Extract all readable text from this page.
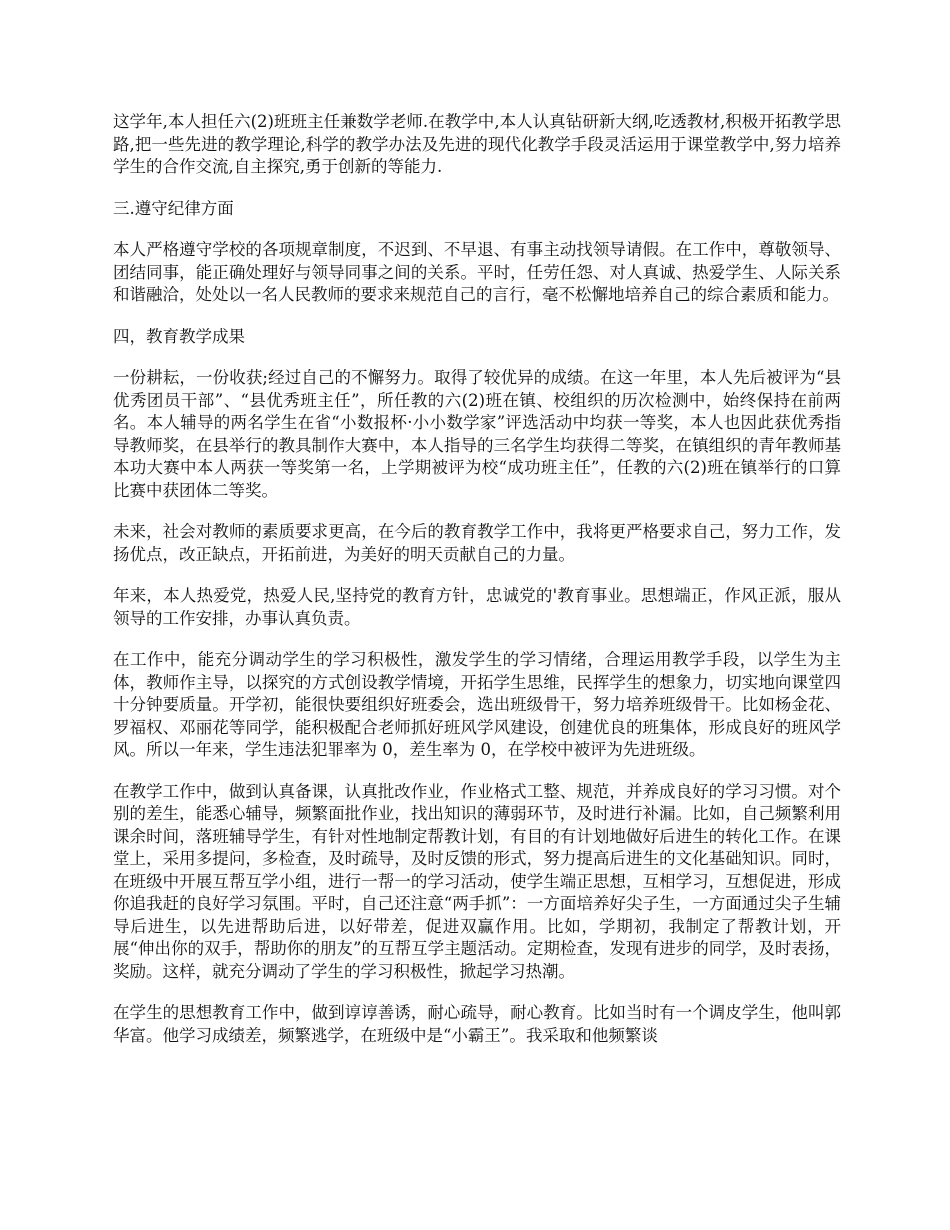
这学年,本人担任六(2)班班主任兼数学老师.在教学中,本人认真钻研新大纲,吃透教材,积极开拓教学思路,把一些先进的教学理论,科学的教学办法及先进的现代化教学手段灵活运用于课堂教学中,努力培养学生的合作交流,自主探究,勇于创新的等能力.

三.遵守纪律方面

本人严格遵守学校的各项规章制度，不迟到、不早退、有事主动找领导请假。在工作中，尊敬领导、团结同事，能正确处理好与领导同事之间的关系。平时，任劳任怨、对人真诚、热爱学生、人际关系和谐融洽，处处以一名人民教师的要求来规范自己的言行，毫不松懈地培养自己的综合素质和能力。

四，教育教学成果

一份耕耘，一份收获;经过自己的不懈努力。取得了较优异的成绩。在这一年里，本人先后被评为“县优秀团员干部”、“县优秀班主任”，所任教的六(2)班在镇、校组织的历次检测中，始终保持在前两名。本人辅导的两名学生在省“小数报杯·小小数学家”评选活动中均获一等奖，本人也因此获优秀指导教师奖，在县举行的教具制作大赛中，本人指导的三名学生均获得二等奖，在镇组织的青年教师基本功大赛中本人两获一等奖第一名，上学期被评为校“成功班主任”，任教的六(2)班在镇举行的口算比赛中获团体二等奖。

未来，社会对教师的素质要求更高，在今后的教育教学工作中，我将更严格要求自己，努力工作，发扬优点，改正缺点，开拓前进，为美好的明天贡献自己的力量。

年来，本人热爱党，热爱人民,坚持党的教育方针，忠诚党的'教育事业。思想端正，作风正派，服从领导的工作安排，办事认真负责。

在工作中，能充分调动学生的学习积极性，激发学生的学习情绪，合理运用教学手段，以学生为主体，教师作主导，以探究的方式创设教学情境，开拓学生思维，民挥学生的想象力，切实地向课堂四十分钟要质量。开学初，能很快要组织好班委会，选出班级骨干，努力培养班级骨干。比如杨金花、罗福权、邓丽花等同学，能积极配合老师抓好班风学风建设，创建优良的班集体，形成良好的班风学风。所以一年来，学生违法犯罪率为 0，差生率为 0，在学校中被评为先进班级。

在教学工作中，做到认真备课，认真批改作业，作业格式工整、规范，并养成良好的学习习惯。对个别的差生，能悉心辅导，频繁面批作业，找出知识的薄弱环节，及时进行补漏。比如，自己频繁利用课余时间，落班辅导学生，有针对性地制定帮教计划，有目的有计划地做好后进生的转化工作。在课堂上，采用多提问，多检查，及时疏导，及时反馈的形式，努力提高后进生的文化基础知识。同时，在班级中开展互帮互学小组，进行一帮一的学习活动，使学生端正思想，互相学习，互想促进，形成你追我赶的良好学习氛围。平时，自己还注意“两手抓”：一方面培养好尖子生，一方面通过尖子生辅导后进生，以先进帮助后进，以好带差，促进双赢作用。比如，学期初，我制定了帮教计划，开展“伸出你的双手，帮助你的朋友”的互帮互学主题活动。定期检查，发现有进步的同学，及时表扬，奖励。这样，就充分调动了学生的学习积极性，掀起学习热潮。

在学生的思想教育工作中，做到谆谆善诱，耐心疏导，耐心教育。比如当时有一个调皮学生，他叫郭华富。他学习成绩差，频繁逃学，在班级中是“小霸王”。我采取和他频繁谈
